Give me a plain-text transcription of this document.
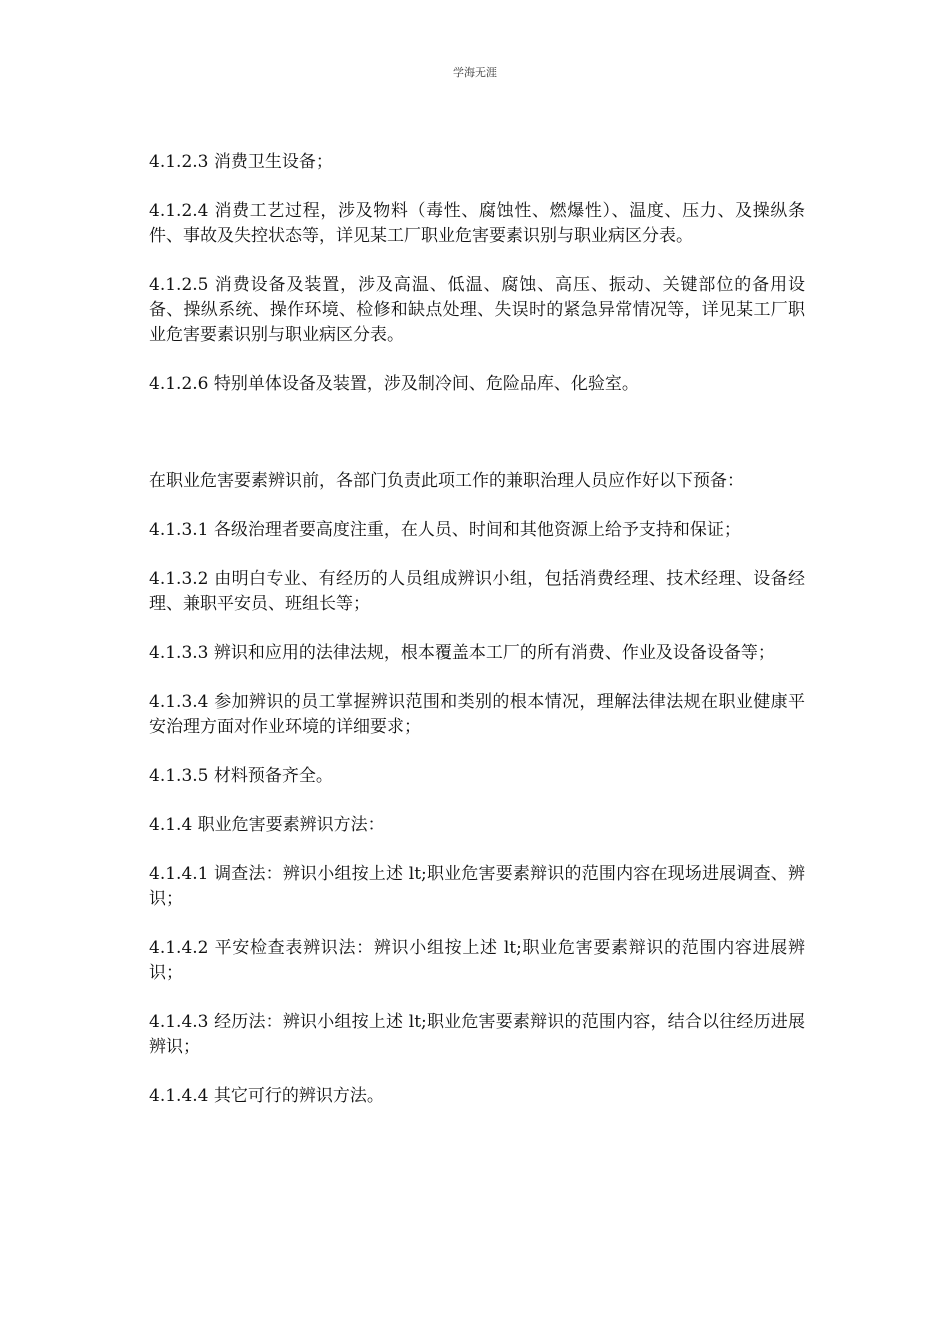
学海无涯

4.1.2.3 消费卫生设备；

4.1.2.4 消费工艺过程，涉及物料（毒性、腐蚀性、燃爆性）、温度、压力、及操纵条件、事故及失控状态等，详见某工厂职业危害要素识别与职业病区分表。

4.1.2.5 消费设备及装置，涉及高温、低温、腐蚀、高压、振动、关键部位的备用设备、操纵系统、操作环境、检修和缺点处理、失误时的紧急异常情况等，详见某工厂职业危害要素识别与职业病区分表。

4.1.2.6 特别单体设备及装置，涉及制冷间、危险品库、化验室。

在职业危害要素辨识前，各部门负责此项工作的兼职治理人员应作好以下预备：

4.1.3.1 各级治理者要高度注重，在人员、时间和其他资源上给予支持和保证；

4.1.3.2 由明白专业、有经历的人员组成辨识小组，包括消费经理、技术经理、设备经理、兼职平安员、班组长等；

4.1.3.3 辨识和应用的法律法规，根本覆盖本工厂的所有消费、作业及设备设备等；

4.1.3.4 参加辨识的员工掌握辨识范围和类别的根本情况，理解法律法规在职业健康平安治理方面对作业环境的详细要求；

4.1.3.5 材料预备齐全。

4.1.4 职业危害要素辨识方法：

4.1.4.1 调查法：辨识小组按上述 lt;职业危害要素辩识的范围内容在现场进展调查、辨识；

4.1.4.2 平安检查表辨识法：辨识小组按上述 lt;职业危害要素辩识的范围内容进展辨识；

4.1.4.3 经历法：辨识小组按上述 lt;职业危害要素辩识的范围内容，结合以往经历进展辨识；

4.1.4.4 其它可行的辨识方法。
